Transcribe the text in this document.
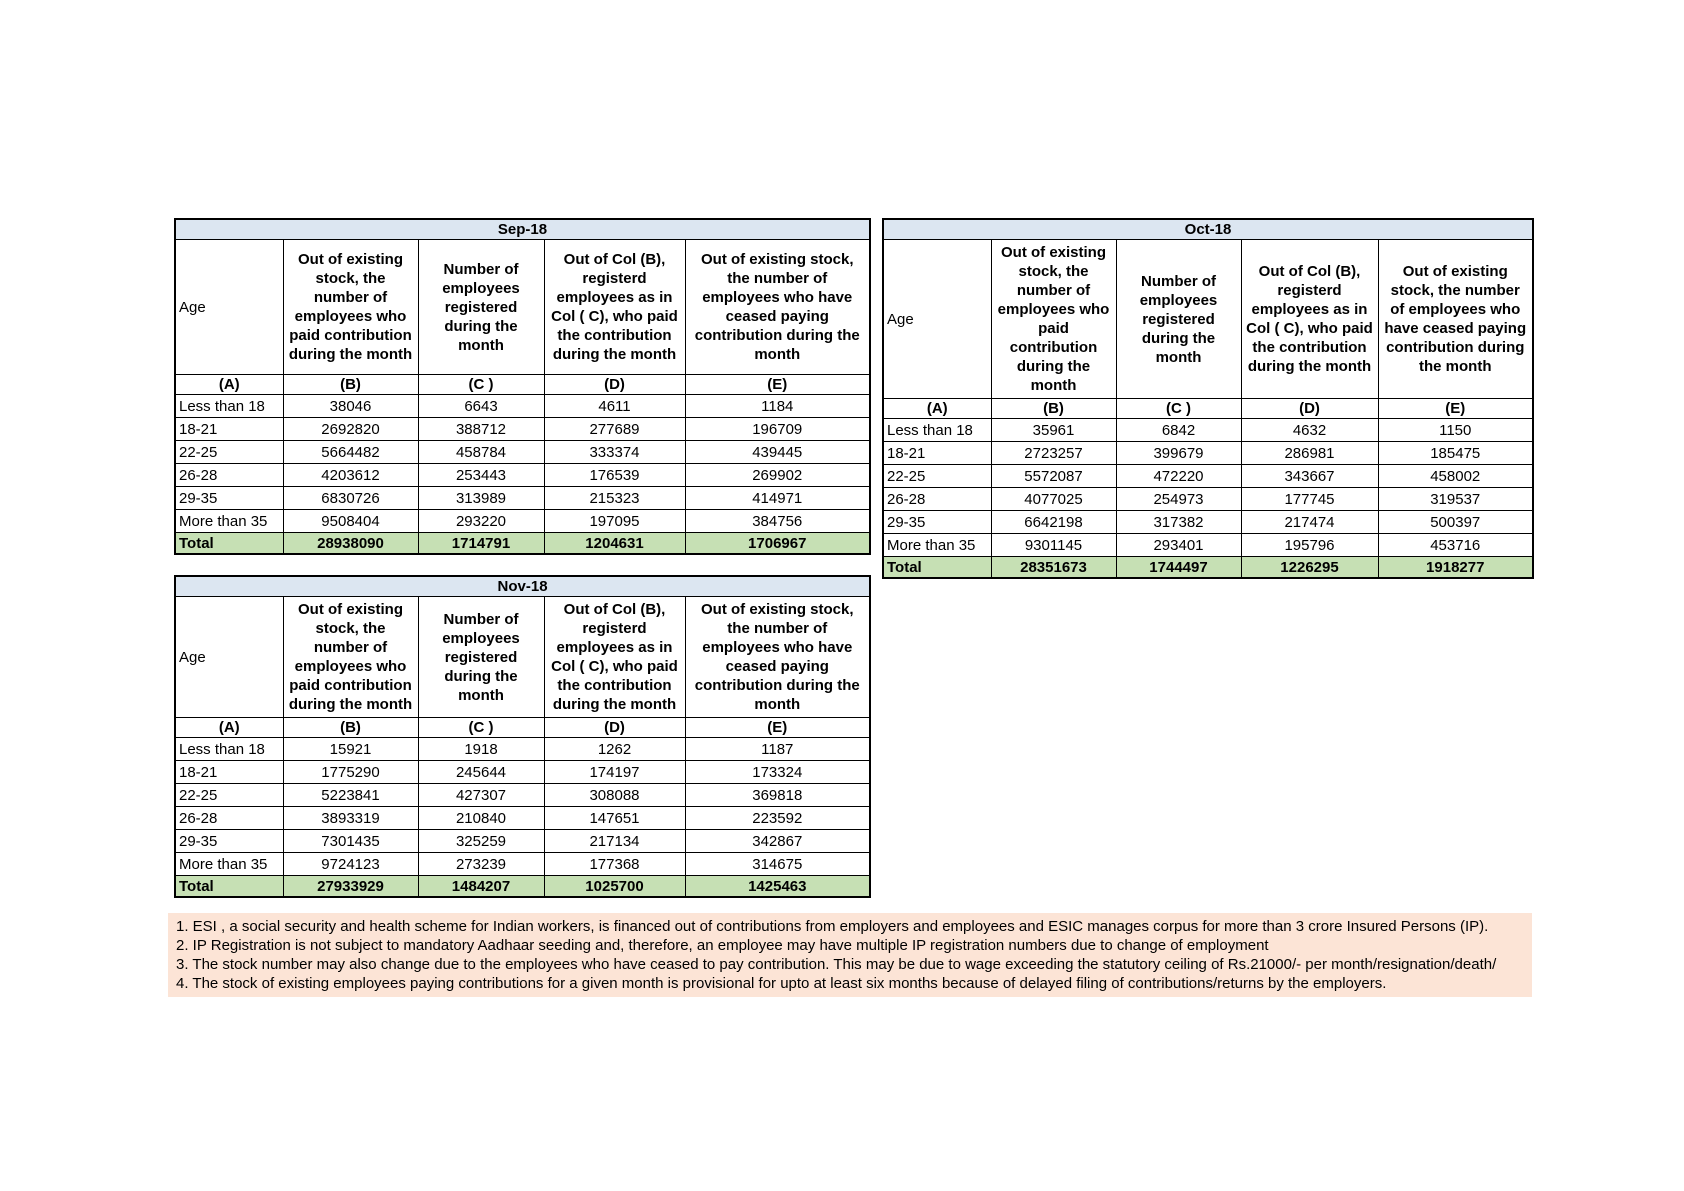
Sep-18				
Age	Out of existing stock, the number of employees who paid contribution during the month	Number of employees registered during the month	Out of Col (B), registerd employees as in Col ( C), who paid the contribution during the month	Out of existing stock, the number of employees who have ceased paying contribution during the month
(A)	(B)	(C )	(D)	(E)
Less than 18	38046	6643	4611	1184
18-21	2692820	388712	277689	196709
22-25	5664482	458784	333374	439445
26-28	4203612	253443	176539	269902
29-35	6830726	313989	215323	414971
More than 35	9508404	293220	197095	384756
Total	28938090	1714791	1204631	1706967
Oct-18				
Age	Out of existing stock, the number of employees who paid contribution during the month	Number of employees registered during the month	Out of Col (B), registerd employees as in Col ( C), who paid the contribution during the month	Out of existing stock, the number of employees who have ceased paying contribution during the month
(A)	(B)	(C )	(D)	(E)
Less than 18	35961	6842	4632	1150
18-21	2723257	399679	286981	185475
22-25	5572087	472220	343667	458002
26-28	4077025	254973	177745	319537
29-35	6642198	317382	217474	500397
More than 35	9301145	293401	195796	453716
Total	28351673	1744497	1226295	1918277
Nov-18				
Age	Out of existing stock, the number of employees who paid contribution during the month	Number of employees registered during the month	Out of Col (B), registerd employees as in Col ( C), who paid the contribution during the month	Out of existing stock, the number of employees who have ceased paying contribution during the month
(A)	(B)	(C )	(D)	(E)
Less than 18	15921	1918	1262	1187
18-21	1775290	245644	174197	173324
22-25	5223841	427307	308088	369818
26-28	3893319	210840	147651	223592
29-35	7301435	325259	217134	342867
More than 35	9724123	273239	177368	314675
Total	27933929	1484207	1025700	1425463
1. ESI , a social security and health scheme for Indian workers, is financed out of contributions from employers and employees and ESIC manages corpus for more than 3 crore Insured Persons (IP).
2. IP Registration is not subject to mandatory Aadhaar seeding and, therefore, an employee may have multiple IP registration numbers due to change of employment
3. The stock number may also change due to the employees who have ceased to pay contribution. This may be due to wage exceeding the statutory ceiling of Rs.21000/- per month/resignation/death/
4. The stock of existing employees paying contributions for a given month is provisional for upto at least six months because of delayed filing of contributions/returns by the employers.
